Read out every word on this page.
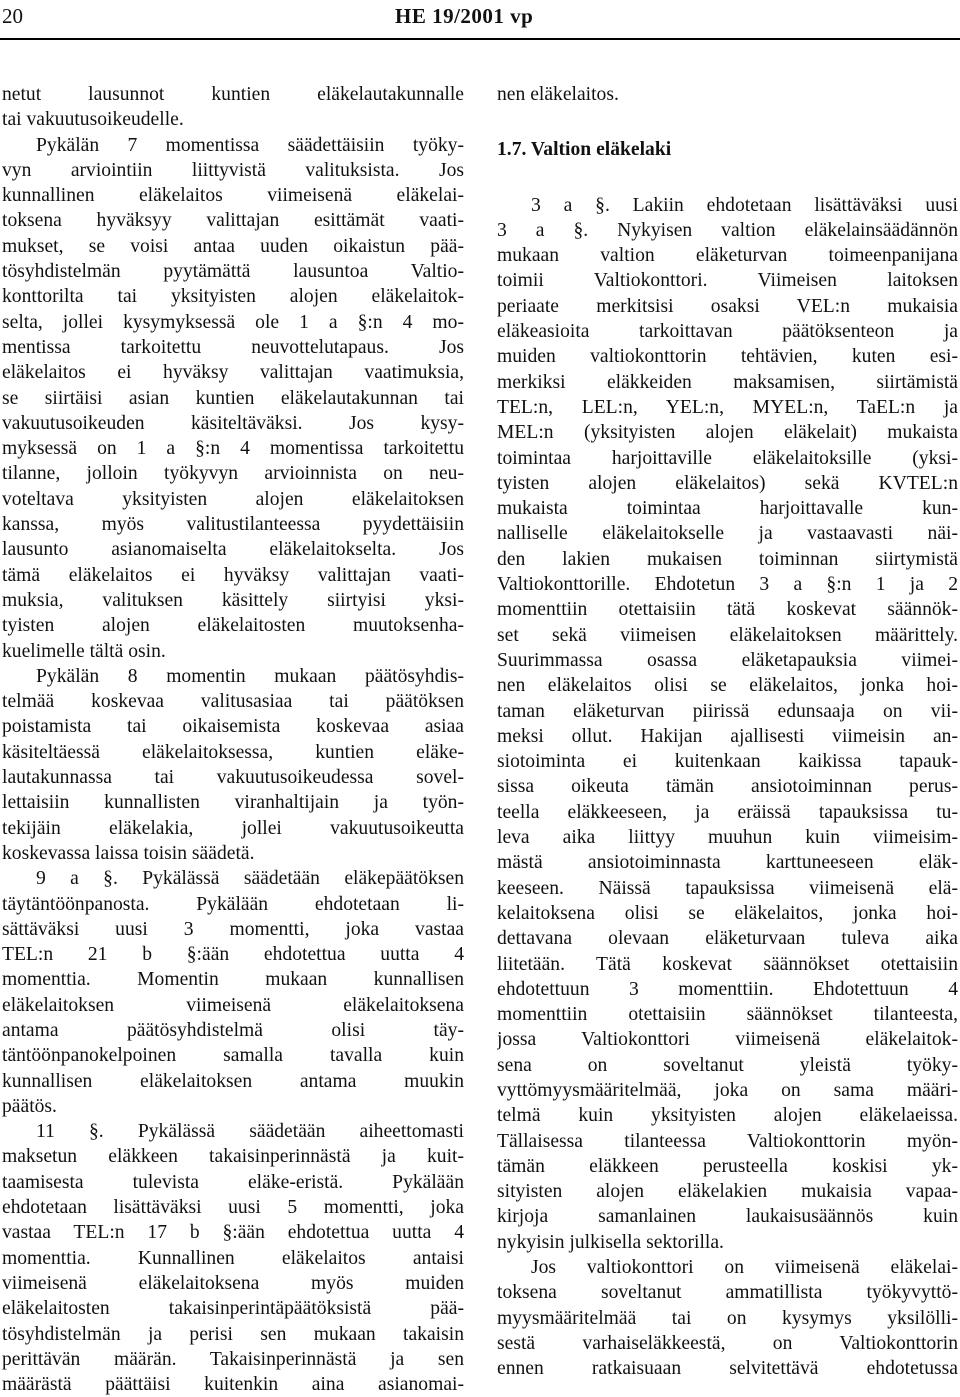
20	HE 19/2001 vp
netut lausunnot kuntien eläkelautakunnalle
tai vakuutusoikeudelle.
Pykälän 7 momentissa säädettäisiin työky-
vyn arviointiin liittyvistä valituksista. Jos
kunnallinen eläkelaitos viimeisenä eläkelai-
toksena hyväksyy valittajan esittämät vaati-
mukset, se voisi antaa uuden oikaistun pää-
tösyhdistelmän pyytämättä lausuntoa Valtio-
konttorilta tai yksityisten alojen eläkelaitok-
selta, jollei kysymyksessä ole 1 a §:n 4 mo-
mentissa tarkoitettu neuvottelutapaus. Jos
eläkelaitos ei hyväksy valittajan vaatimuksia,
se siirtäisi asian kuntien eläkelautakunnan tai
vakuutusoikeuden käsiteltäväksi. Jos kysy-
myksessä on 1 a §:n 4 momentissa tarkoitettu
tilanne, jolloin työkyvyn arvioinnista on neu-
voteltava yksityisten alojen eläkelaitoksen
kanssa, myös valitustilanteessa pyydettäisiin
lausunto asianomaiselta eläkelaitokselta. Jos
tämä eläkelaitos ei hyväksy valittajan vaati-
muksia, valituksen käsittely siirtyisi yksi-
tyisten alojen eläkelaitosten muutoksenha-
kuelimelle tältä osin.
Pykälän 8 momentin mukaan päätösyhdis-
telmää koskevaa valitusasiaa tai päätöksen
poistamista tai oikaisemista koskevaa asiaa
käsiteltäessä eläkelaitoksessa, kuntien eläke-
lautakunnassa tai vakuutusoikeudessa sovel-
lettaisiin kunnallisten viranhaltijain ja työn-
tekijäin eläkelakia, jollei vakuutusoikeutta
koskevassa laissa toisin säädetä.
9 a §. Pykälässä säädetään eläkepäätöksen
täytäntöönpanosta. Pykälään ehdotetaan li-
sättäväksi uusi 3 momentti, joka vastaa
TEL:n 21 b §:ään ehdotettua uutta 4
momenttia. Momentin mukaan kunnallisen
eläkelaitoksen viimeisenä eläkelaitoksena
antama päätösyhdistelmä olisi täy-
täntöönpanokelpoinen samalla tavalla kuin
kunnallisen eläkelaitoksen antama muukin
päätös.
11 §. Pykälässä säädetään aiheettomasti
maksetun eläkkeen takaisinperinnästä ja kuit-
taamisesta tulevista eläke-eristä. Pykälään
ehdotetaan lisättäväksi uusi 5 momentti, joka
vastaa TEL:n 17 b §:ään ehdotettua uutta 4
momenttia. Kunnallinen eläkelaitos antaisi
viimeisenä eläkelaitoksena myös muiden
eläkelaitosten takaisinperintäpäätöksistä pää-
tösyhdistelmän ja perisi sen mukaan takaisin
perittävän määrän. Takaisinperinnästä ja sen
määrästä päättäisi kuitenkin aina asianomai-
nen eläkelaitos.
1.7. Valtion eläkelaki
3 a §. Lakiin ehdotetaan lisättäväksi uusi
3 a §. Nykyisen valtion eläkelainsäädännön
mukaan valtion eläketurvan toimeenpanijana
toimii Valtiokonttori. Viimeisen laitoksen
periaate merkitsisi osaksi VEL:n mukaisia
eläkeasioita tarkoittavan päätöksenteon ja
muiden valtiokonttorin tehtävien, kuten esi-
merkiksi eläkkeiden maksamisen, siirtämistä
TEL:n, LEL:n, YEL:n, MYEL:n, TaEL:n ja
MEL:n (yksityisten alojen eläkelait) mukaista
toimintaa harjoittaville eläkelaitoksille (yksi-
tyisten alojen eläkelaitos) sekä KVTEL:n
mukaista toimintaa harjoittavalle kun-
nalliselle eläkelaitokselle ja vastaavasti näi-
den lakien mukaisen toiminnan siirtymistä
Valtiokonttorille. Ehdotetun 3 a §:n 1 ja 2
momenttiin otettaisiin tätä koskevat säännök-
set sekä viimeisen eläkelaitoksen määrittely.
Suurimmassa osassa eläketapauksia viimei-
nen eläkelaitos olisi se eläkelaitos, jonka hoi-
taman eläketurvan piirissä edunsaaja on vii-
meksi ollut. Hakijan ajallisesti viimeisin an-
siotoiminta ei kuitenkaan kaikissa tapauk-
sissa oikeuta tämän ansiotoiminnan perus-
teella eläkkeeseen, ja eräissä tapauksissa tu-
leva aika liittyy muuhun kuin viimeisim-
mästä ansiotoiminnasta karttuneeseen eläk-
keeseen. Näissä tapauksissa viimeisenä elä-
kelaitoksena olisi se eläkelaitos, jonka hoi-
dettavana olevaan eläketurvaan tuleva aika
liitetään. Tätä koskevat säännökset otettaisiin
ehdotettuun 3 momenttiin. Ehdotettuun 4
momenttiin otettaisiin säännökset tilanteesta,
jossa Valtiokonttori viimeisenä eläkelaitok-
sena on soveltanut yleistä työky-
vyttömyysmääritelmää, joka on sama määri-
telmä kuin yksityisten alojen eläkelaeissa.
Tällaisessa tilanteessa Valtiokonttorin myön-
tämän eläkkeen perusteella koskisi yk-
sityisten alojen eläkelakien mukaisia vapaa-
kirjoja samanlainen laukaisusäännös kuin
nykyisin julkisella sektorilla.
Jos valtiokonttori on viimeisenä eläkelai-
toksena soveltanut ammatillista työkyvyttö-
myysmääritelmää tai on kysymys yksilölli-
sestä varhaiseläkkeestä, on Valtiokonttorin
ennen ratkaisuaan selvitettävä ehdotetussa
